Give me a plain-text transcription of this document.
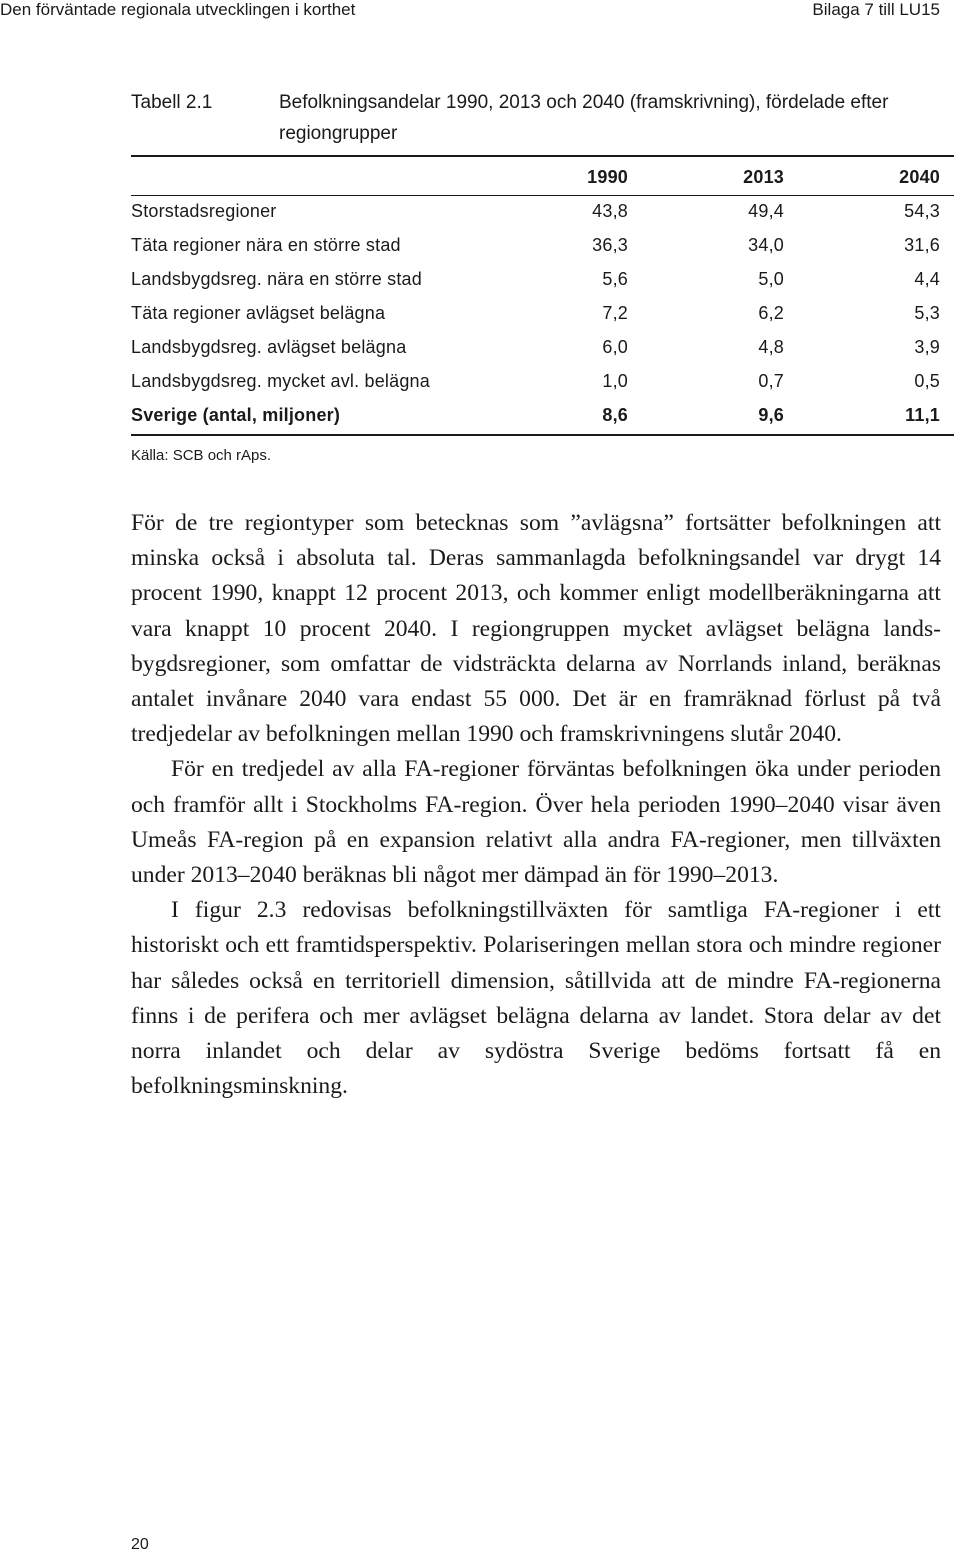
Den förväntade regionala utvecklingen i korthet	Bilaga 7 till LU15
Tabell 2.1	Befolkningsandelar 1990, 2013 och 2040 (framskrivning), fördelade efter regiongrupper
1990	2013	2040
Storstadsregioner	43,8	49,4	54,3
Täta regioner nära en större stad	36,3	34,0	31,6
Landsbygdsreg. nära en större stad	5,6	5,0	4,4
Täta regioner avlägset belägna	7,2	6,2	5,3
Landsbygdsreg. avlägset belägna	6,0	4,8	3,9
Landsbygdsreg. mycket avl. belägna	1,0	0,7	0,5
Sverige (antal, miljoner)	8,6	9,6	11,1
Källa: SCB och rAps.

För de tre regiontyper som betecknas som ”avlägsna” fortsätter befolkningen att minska också i absoluta tal. Deras sammanlagda befolkningsandel var drygt 14 procent 1990, knappt 12 procent 2013, och kommer enligt modellberäkningarna att vara knappt 10 procent 2040. I regiongruppen mycket avlägset belägna landsbygdsregioner, som omfattar de vidsträckta delarna av Norrlands inland, beräknas antalet invånare 2040 vara endast 55 000. Det är en framräknad förlust på två tredjedelar av befolkningen mellan 1990 och framskrivningens slutår 2040.

För en tredjedel av alla FA-regioner förväntas befolkningen öka under perioden och framför allt i Stockholms FA-region. Över hela perioden 1990–2040 visar även Umeås FA-region på en expansion relativt alla andra FA-regioner, men tillväxten under 2013–2040 beräknas bli något mer dämpad än för 1990–2013.

I figur 2.3 redovisas befolkningstillväxten för samtliga FA-regioner i ett historiskt och ett framtidsperspektiv. Polariseringen mellan stora och mindre regioner har således också en territoriell dimension, såtillvida att de mindre FA-regionerna finns i de perifera och mer avlägset belägna delarna av landet. Stora delar av det norra inlandet och delar av sydöstra Sverige bedöms fortsatt få en befolkningsminskning.

20
